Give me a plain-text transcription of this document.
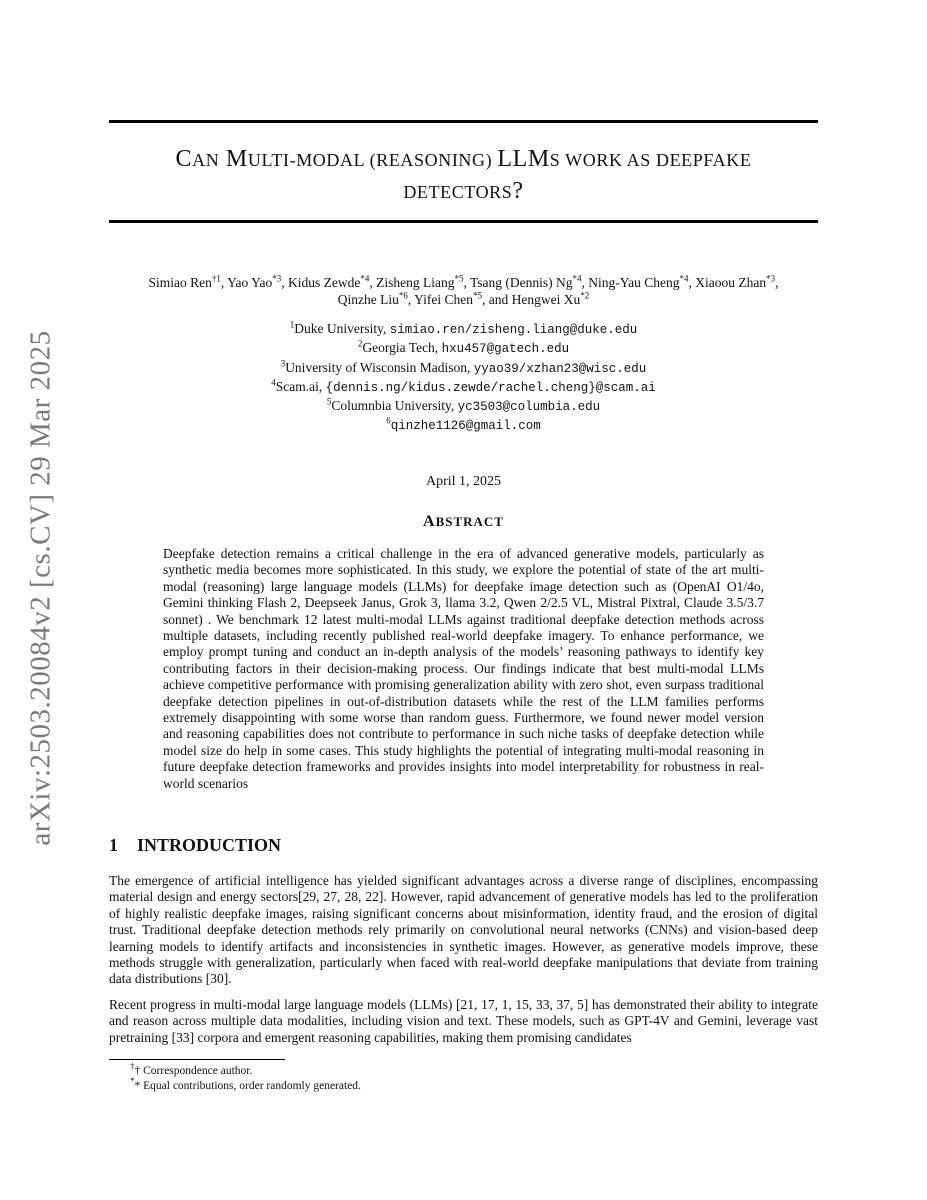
arXiv:2503.20084v2 [cs.CV] 29 Mar 2025
CAN MULTI-MODAL (REASONING) LLMS WORK AS DEEPFAKE
DETECTORS?
Simiao Ren$^{\dagger 1}$, Yao Yao$^{*3}$, Kidus Zewde$^{*4}$, Zisheng Liang$^{*5}$, Tsang (Dennis) Ng$^{*4}$, Ning-Yau Cheng$^{*4}$, Xiaoou Zhan$^{*3}$,
Qinzhe Liu$^{*6}$, Yifei Chen$^{*5}$, and Hengwei Xu$^{*2}$
$^1$Duke University, simiao.ren/zisheng.liang@duke.edu
$^2$Georgia Tech, hxu457@gatech.edu
$^3$University of Wisconsin Madison, yyao39/xzhan23@wisc.edu
$^4$Scam.ai, {dennis.ng/kidus.zewde/rachel.cheng}@scam.ai
$^5$Columnbia University, yc3503@columbia.edu
$^6$qinzhe1126@gmail.com
April 1, 2025
ABSTRACT
Deepfake detection remains a critical challenge in the era of advanced generative models, particularly as synthetic media becomes more sophisticated. In this study, we explore the potential of state of the art multi-modal (reasoning) large language models (LLMs) for deepfake image detection such as (OpenAI O1/4o, Gemini thinking Flash 2, Deepseek Janus, Grok 3, llama 3.2, Qwen 2/2.5 VL, Mistral Pixtral, Claude 3.5/3.7 sonnet) . We benchmark 12 latest multi-modal LLMs against traditional deepfake detection methods across multiple datasets, including recently published real-world deepfake imagery. To enhance performance, we employ prompt tuning and conduct an in-depth analysis of the models’ reasoning pathways to identify key contributing factors in their decision-making process. Our findings indicate that best multi-modal LLMs achieve competitive performance with promising generalization ability with zero shot, even surpass traditional deepfake detection pipelines in out-of-distribution datasets while the rest of the LLM families performs extremely disappointing with some worse than random guess. Furthermore, we found newer model version and reasoning capabilities does not contribute to performance in such niche tasks of deepfake detection while model size do help in some cases. This study highlights the potential of integrating multi-modal reasoning in future deepfake detection frameworks and provides insights into model interpretability for robustness in real-world scenarios
1 INTRODUCTION

The emergence of artificial intelligence has yielded significant advantages across a diverse range of disciplines, encompassing material design and energy sectors[29, 27, 28, 22]. However, rapid advancement of generative models has led to the proliferation of highly realistic deepfake images, raising significant concerns about misinformation, identity fraud, and the erosion of digital trust. Traditional deepfake detection methods rely primarily on convolutional neural networks (CNNs) and vision-based deep learning models to identify artifacts and inconsistencies in synthetic images. However, as generative models improve, these methods struggle with generalization, particularly when faced with real-world deepfake manipulations that deviate from training data distributions [30].

Recent progress in multi-modal large language models (LLMs) [21, 17, 1, 15, 33, 37, 5] has demonstrated their ability to integrate and reason across multiple data modalities, including vision and text. These models, such as GPT-4V and Gemini, leverage vast pretraining [33] corpora and emergent reasoning capabilities, making them promising candidates

†† Correspondence author.
** Equal contributions, order randomly generated.
